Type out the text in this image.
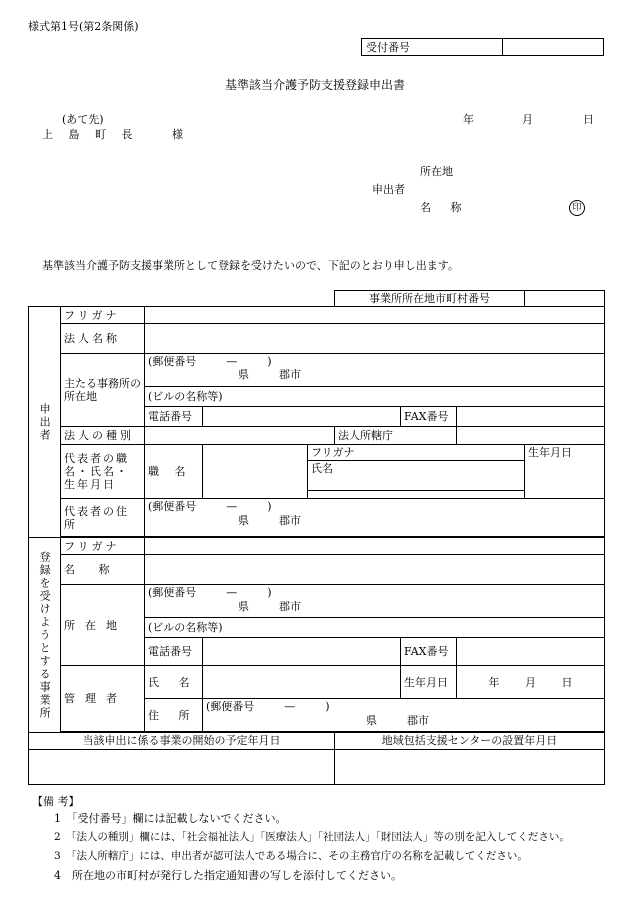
様式第1号(第2条関係)
受付番号	
基準該当介護予防支援登録申出書
(あて先)
上 島 町 長	様
年	月	日
所在地
申出者
名 称	印
基準該当介護予防支援事業所として登録を受けたいので、下記のとおり申し出ます。
					事業所所在地市町村番号			
申出者	フリガナ							
	法人名称							
	主たる事務所の所在地	(郵便番号 — )
県 郡市						

		(ビルの名称等)						
		電話番号				FAX番号		
	法人の種別				法人所轄庁			
	代表者の職名・氏名・生年月日	職 名		フリガナ				生年月日
				氏名				

	代表者の住所	(郵便番号 — )
県 郡市						

登録を受けようとする事業所	フリガナ							
	名 称							
	所在地	(郵便番号 — )
県 郡市						

		(ビルの名称等)						
		電話番号				FAX番号		
	管理者	氏 名				生年月日	年 月 日	
		住 所	(郵便番号 — )
県 郡市					

当該申出に係る事業の開始の予定年月日					地域包括支援センターの設置年月日			

【備 考】
1　 「受付番号」欄には記載しないでください。
2　 「法人の種別」欄には、「社会福祉法人」「医療法人」「社団法人」「財団法人」等の別を記入してください。
3　 「法人所轄庁」には、申出者が認可法人である場合に、その主務官庁の名称を記載してください。
4　 所在地の市町村が発行した指定通知書の写しを添付してください。
